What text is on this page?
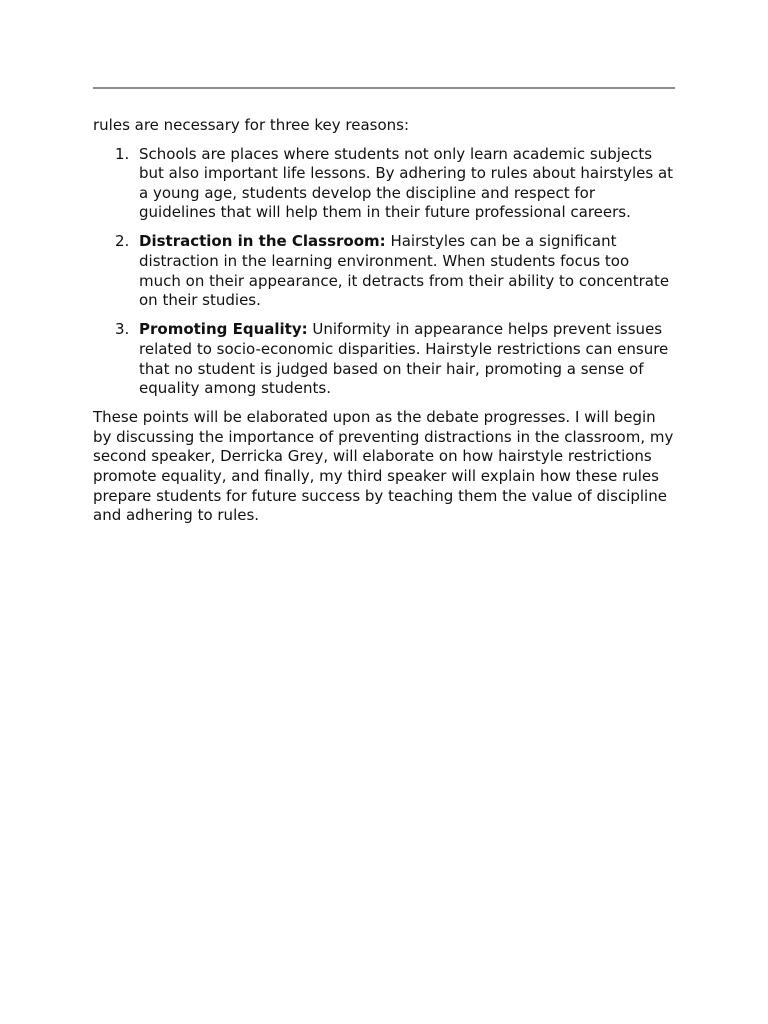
rules are necessary for three key reasons:

1. Schools are places where students not only learn academic subjects but also important life lessons. By adhering to rules about hairstyles at a young age, students develop the discipline and respect for guidelines that will help them in their future professional careers.
2. Distraction in the Classroom: Hairstyles can be a significant distraction in the learning environment. When students focus too much on their appearance, it detracts from their ability to concentrate on their studies.
3. Promoting Equality: Uniformity in appearance helps prevent issues related to socio-economic disparities. Hairstyle restrictions can ensure that no student is judged based on their hair, promoting a sense of equality among students.

These points will be elaborated upon as the debate progresses. I will begin by discussing the importance of preventing distractions in the classroom, my second speaker, Derricka Grey, will elaborate on how hairstyle restrictions promote equality, and finally, my third speaker will explain how these rules prepare students for future success by teaching them the value of discipline and adhering to rules.
